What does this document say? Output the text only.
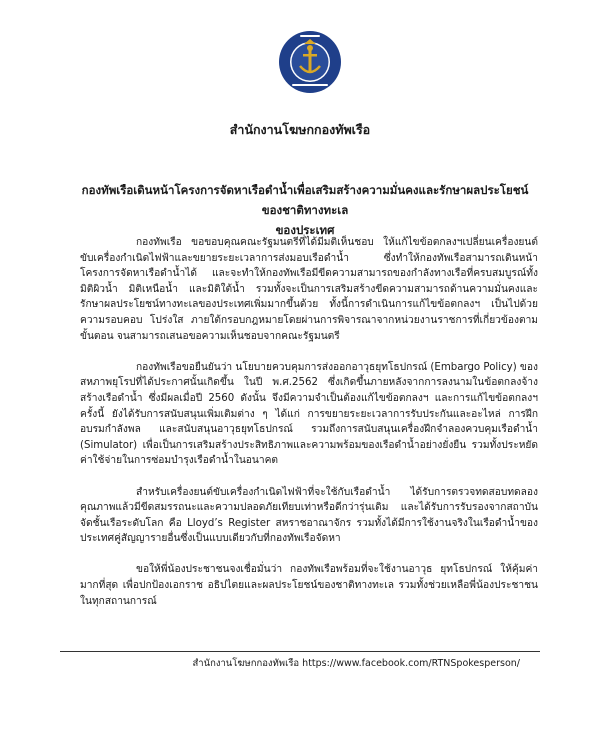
สำนักงานโฆษกกองทัพเรือ
กองทัพเรือเดินหน้าโครงการจัดหาเรือดำน้ำเพื่อเสริมสร้างความมั่นคงและรักษาผลประโยชน์ของชาติทางทะเล
ของประเทศ

กองทัพเรือ ขอขอบคุณคณะรัฐมนตรีที่ได้มีมติเห็นชอบ ให้แก้ไขข้อตกลงฯเปลี่ยนเครื่องยนต์ขับเครื่องกำเนิดไฟฟ้าและขยายระยะเวลาการส่งมอบเรือดำน้ำ ซึ่งทำให้กองทัพเรือสามารถเดินหน้าโครงการจัดหาเรือดำน้ำได้ และจะทำให้กองทัพเรือมีขีดความสามารถของกำลังทางเรือที่ครบสมบูรณ์ทั้งมิติผิวน้ำ มิติเหนือน้ำ และมิติใต้น้ำ รวมทั้งจะเป็นการเสริมสร้างขีดความสามารถด้านความมั่นคงและรักษาผลประโยชน์ทางทะเลของประเทศเพิ่มมากขึ้นด้วย ทั้งนี้การดำเนินการแก้ไขข้อตกลงฯ เป็นไปด้วยความรอบคอบ โปร่งใส ภายใต้กรอบกฎหมายโดยผ่านการพิจารณาจากหน่วยงานราชการที่เกี่ยวข้องตามขั้นตอน จนสามารถเสนอขอความเห็นชอบจากคณะรัฐมนตรี

กองทัพเรือขอยืนยันว่า นโยบายควบคุมการส่งออกอาวุธยุทโธปกรณ์ (Embargo Policy) ของสหภาพยุโรปที่ได้ประกาศนั้นเกิดขึ้น ในปี พ.ศ.2562 ซึ่งเกิดขึ้นภายหลังจากการลงนามในข้อตกลงจ้างสร้างเรือดำน้ำ ซึ่งมีผลเมื่อปี 2560 ดังนั้น จึงมีความจำเป็นต้องแก้ไขข้อตกลงฯ และการแก้ไขข้อตกลงฯ ครั้งนี้ ยังได้รับการสนับสนุนเพิ่มเติมต่าง ๆ ได้แก่ การขยายระยะเวลาการรับประกันและอะไหล่ การฝึกอบรมกำลังพล และสนับสนุนอาวุธยุทโธปกรณ์ รวมถึงการสนับสนุนเครื่องฝึกจำลองควบคุมเรือดำน้ำ (Simulator) เพื่อเป็นการเสริมสร้างประสิทธิภาพและความพร้อมของเรือดำน้ำอย่างยั่งยืน รวมทั้งประหยัดค่าใช้จ่ายในการซ่อมบำรุงเรือดำน้ำในอนาคต

สำหรับเครื่องยนต์ขับเครื่องกำเนิดไฟฟ้าที่จะใช้กับเรือดำน้ำ ได้รับการตรวจทดสอบทดลองคุณภาพแล้วมีขีดสมรรถนะและความปลอดภัยเทียบเท่าหรือดีกว่ารุ่นเดิม และได้รับการรับรองจากสถาบันจัดชั้นเรือระดับโลก คือ Lloyd’s Register สหราชอาณาจักร รวมทั้งได้มีการใช้งานจริงในเรือดำน้ำของประเทศคู่สัญญารายอื่นซึ่งเป็นแบบเดียวกับที่กองทัพเรือจัดหา

ขอให้พี่น้องประชาชนจงเชื่อมั่นว่า กองทัพเรือพร้อมที่จะใช้งานอาวุธ ยุทโธปกรณ์ ให้คุ้มค่ามากที่สุด เพื่อปกป้องเอกราช อธิปไตยและผลประโยชน์ของชาติทางทะเล รวมทั้งช่วยเหลือพี่น้องประชาชนในทุกสถานการณ์

สำนักงานโฆษกกองทัพเรือ https://www.facebook.com/RTNSpokesperson/
